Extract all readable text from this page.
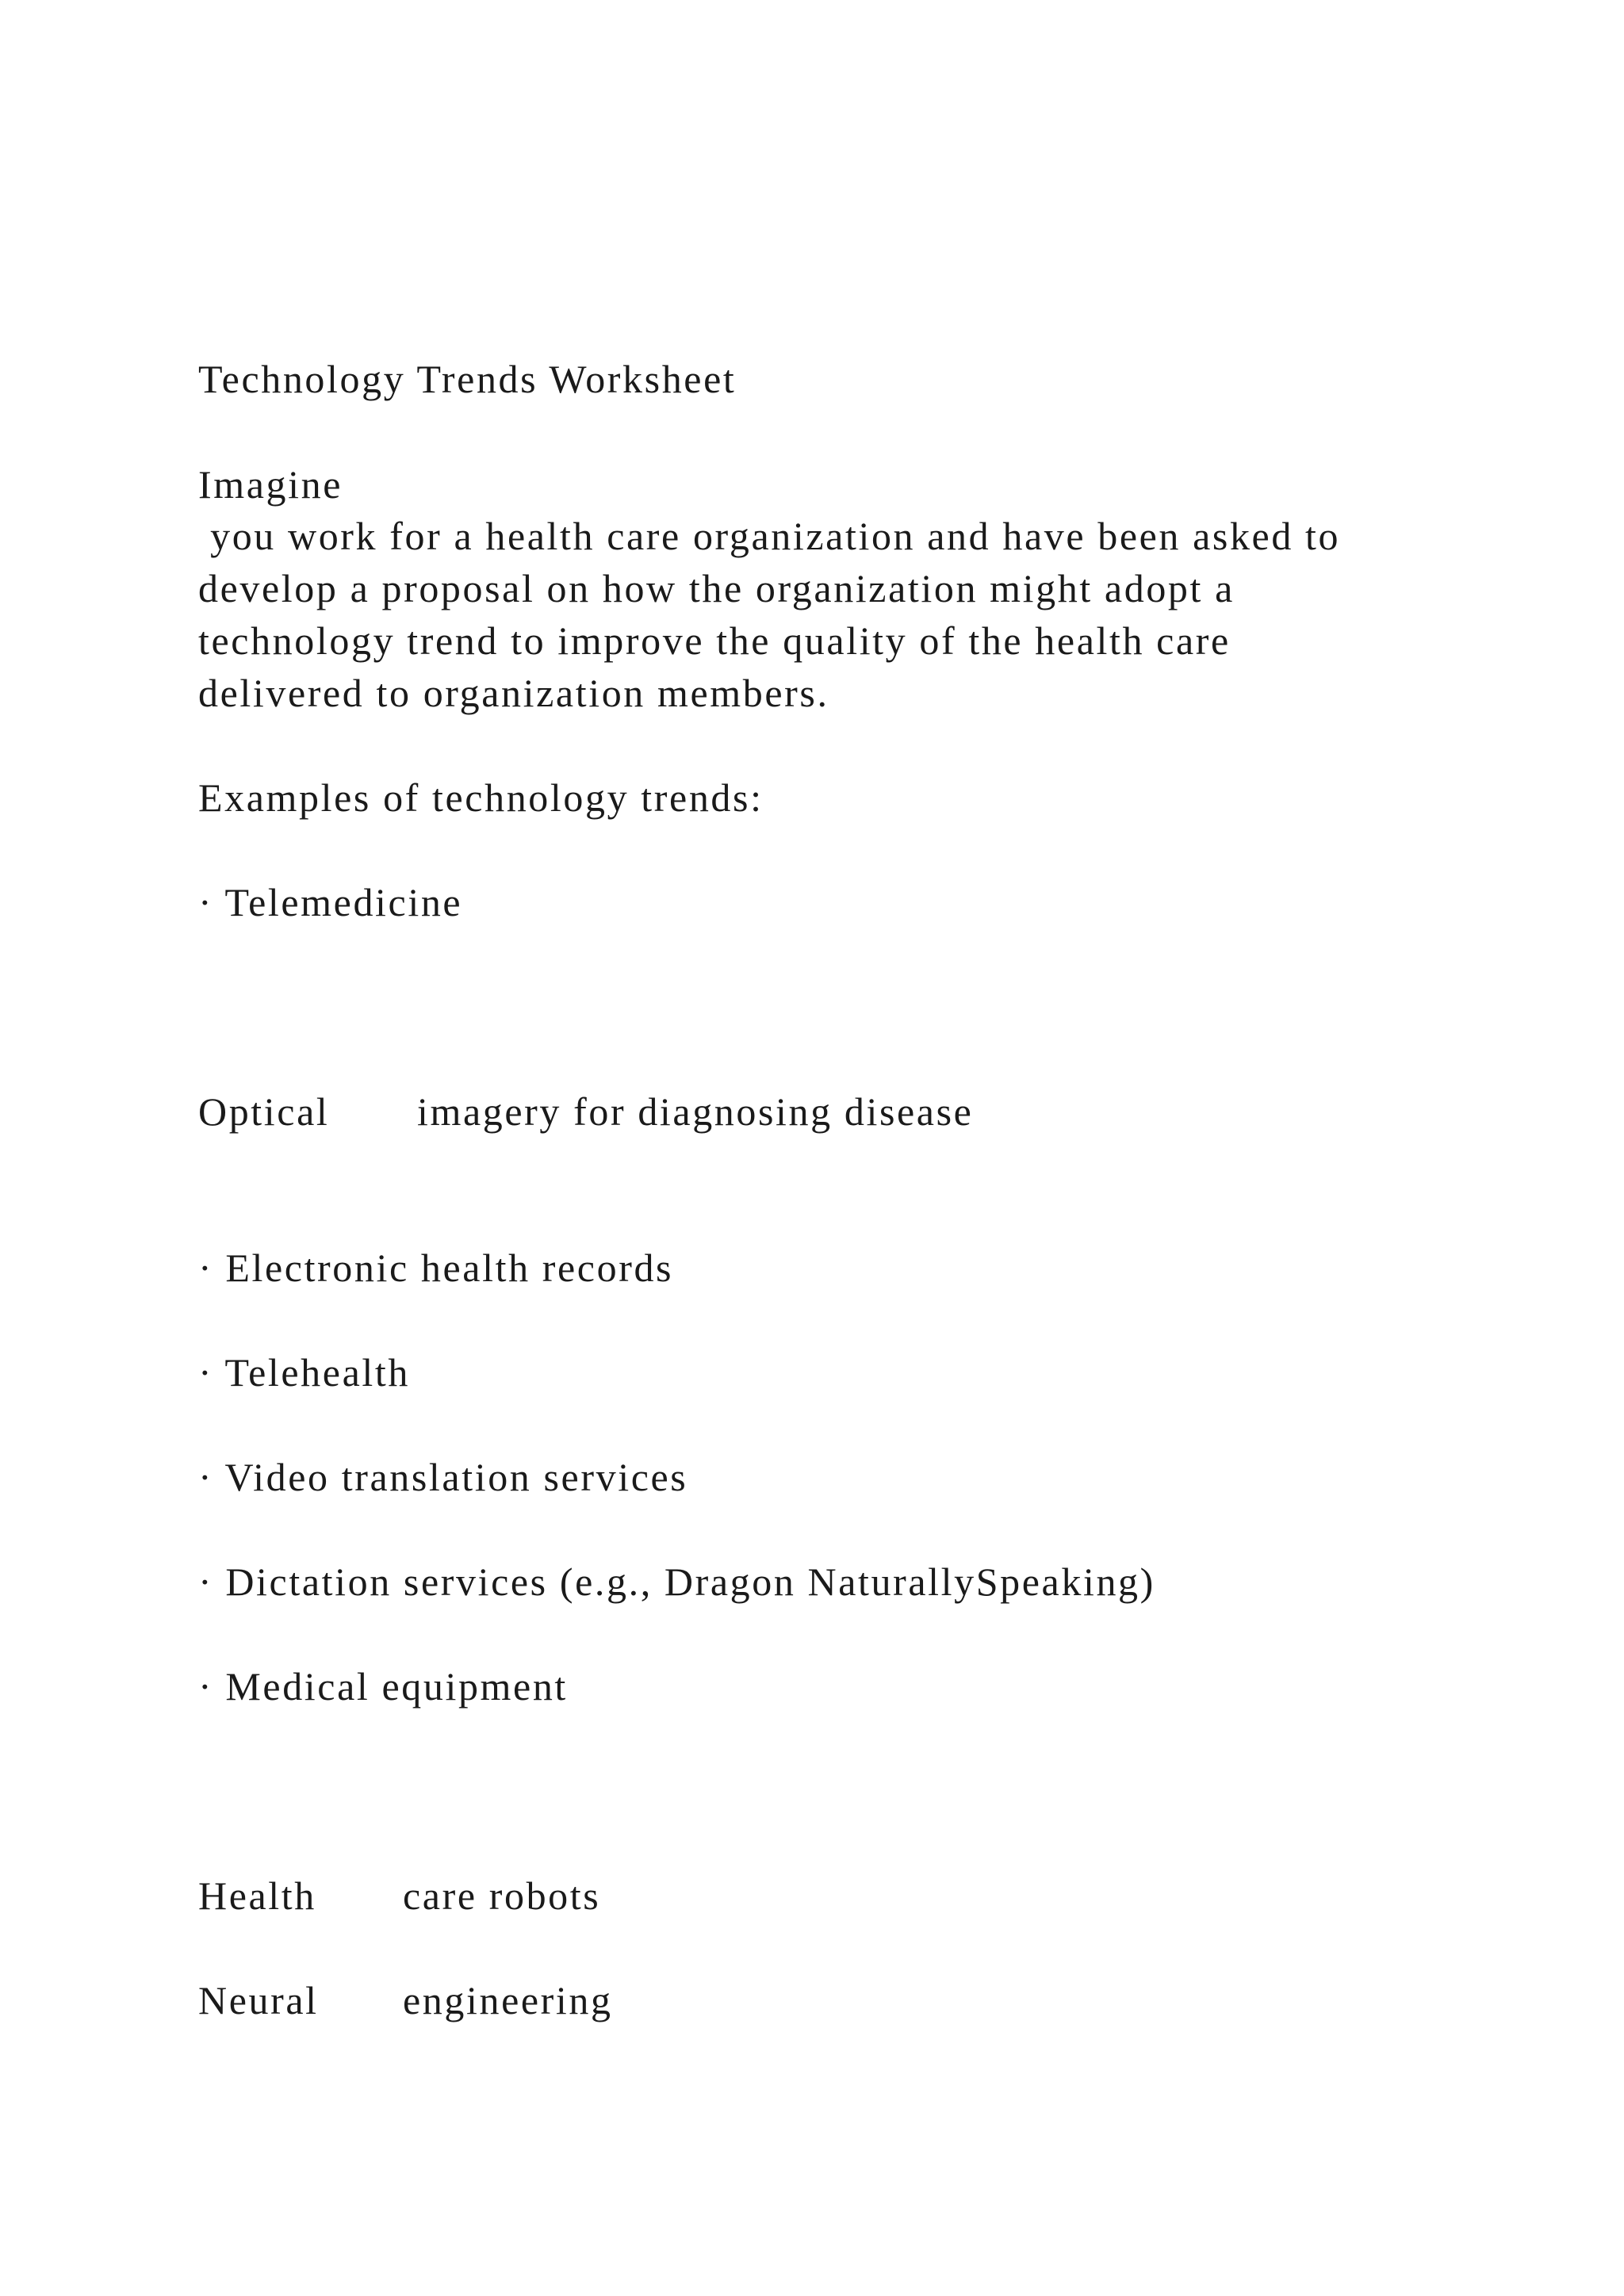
Technology Trends Worksheet
Imagine
you work for a health care organization and have been asked to
develop a proposal on how the organization might adopt a
technology trend to improve the quality of the health care
delivered to organization members.
Examples of technology trends:
· Telemedicine
Optical imagery for diagnosing disease
· Electronic health records
· Telehealth
· Video translation services
· Dictation services (e.g., Dragon NaturallySpeaking)
· Medical equipment
Health care robots
Neural engineering
